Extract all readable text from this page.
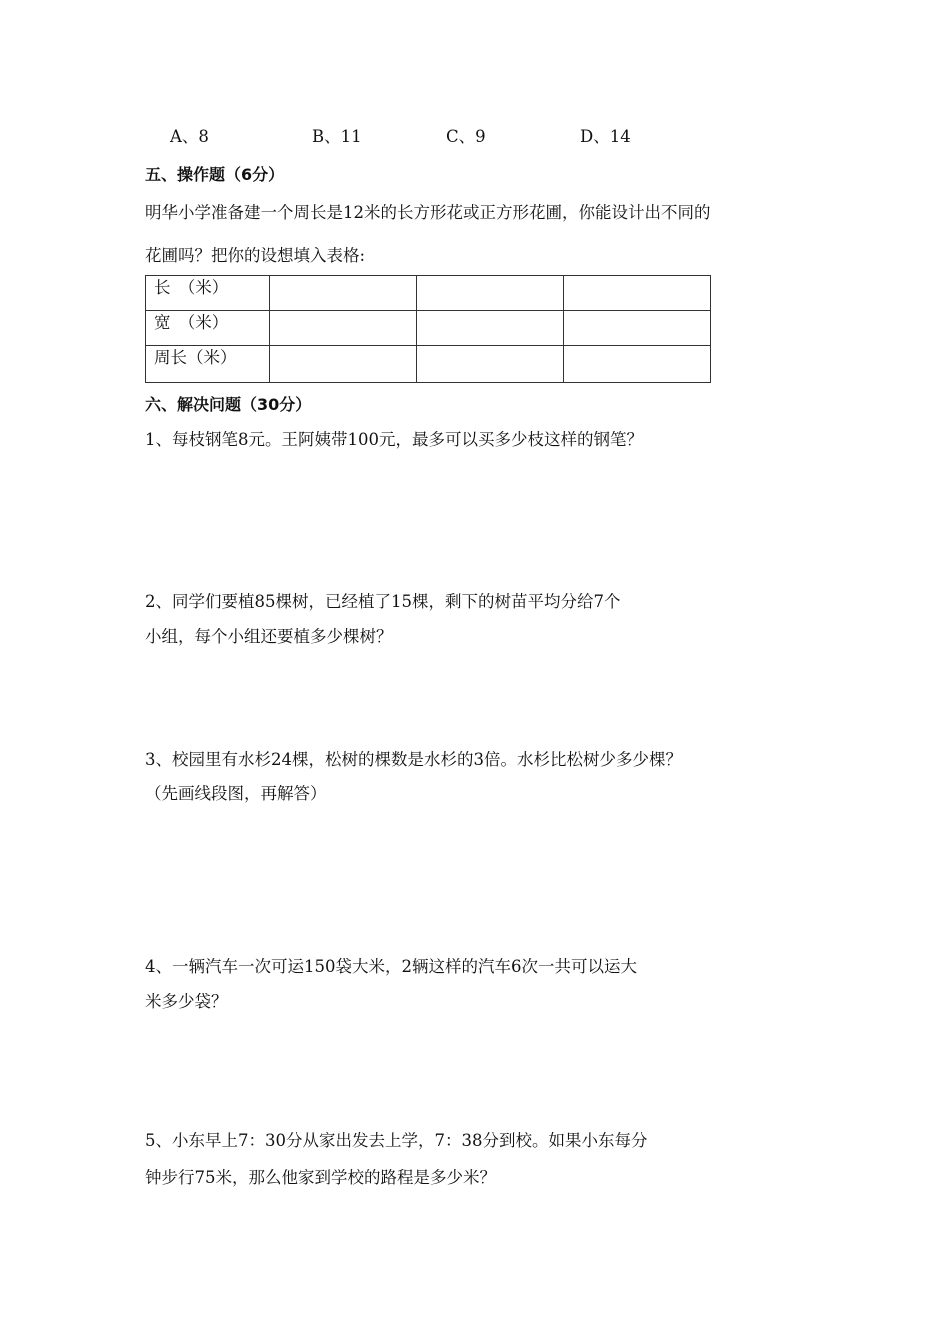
A、8	B、11	C、9	D、14
五、操作题（6分）
明华小学准备建一个周长是12米的长方形花或正方形花圃，你能设计出不同的
花圃吗？把你的设想填入表格:
长　（米）			
宽　（米）			
周长（米）			
六、解决问题（30分）
1、每枝钢笔8元。王阿姨带100元，最多可以买多少枝这样的钢笔？
2、同学们要植85棵树，已经植了15棵，剩下的树苗平均分给7个
小组，每个小组还要植多少棵树？
3、校园里有水杉24棵，松树的棵数是水杉的3倍。水杉比松树少多少棵？
（先画线段图，再解答）
4、一辆汽车一次可运150袋大米，2辆这样的汽车6次一共可以运大
米多少袋？
5、小东早上7：30分从家出发去上学，7：38分到校。如果小东每分
钟步行75米，那么他家到学校的路程是多少米？
